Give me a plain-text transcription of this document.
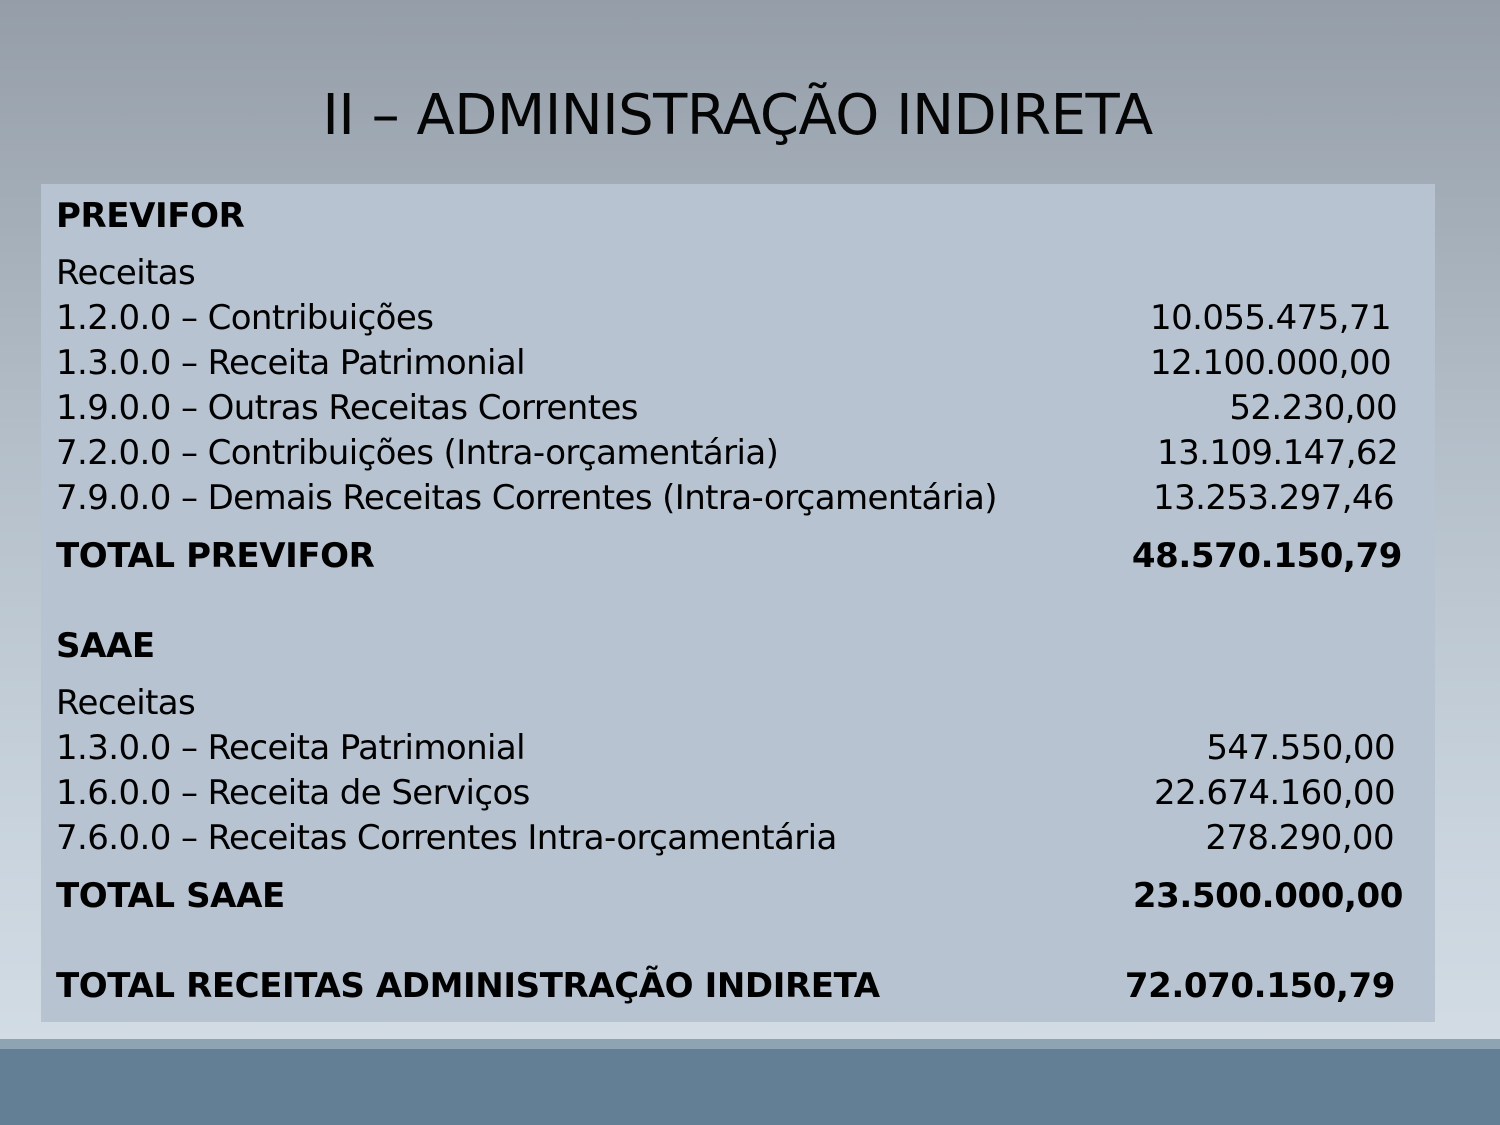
II – ADMINISTRAÇÃO INDIRETA
PREVIFOR
Receitas
1.2.0.0 – Contribuições	10.055.475,71
1.3.0.0 – Receita Patrimonial	12.100.000,00
1.9.0.0 – Outras Receitas Correntes	52.230,00
7.2.0.0 – Contribuições (Intra-orçamentária)	13.109.147,62
7.9.0.0 – Demais Receitas Correntes (Intra-orçamentária)	13.253.297,46
TOTAL PREVIFOR	48.570.150,79
SAAE
Receitas
1.3.0.0 – Receita Patrimonial	547.550,00
1.6.0.0 – Receita de Serviços	22.674.160,00
7.6.0.0 – Receitas Correntes Intra-orçamentária	278.290,00
TOTAL SAAE	23.500.000,00
TOTAL RECEITAS ADMINISTRAÇÃO INDIRETA	72.070.150,79
